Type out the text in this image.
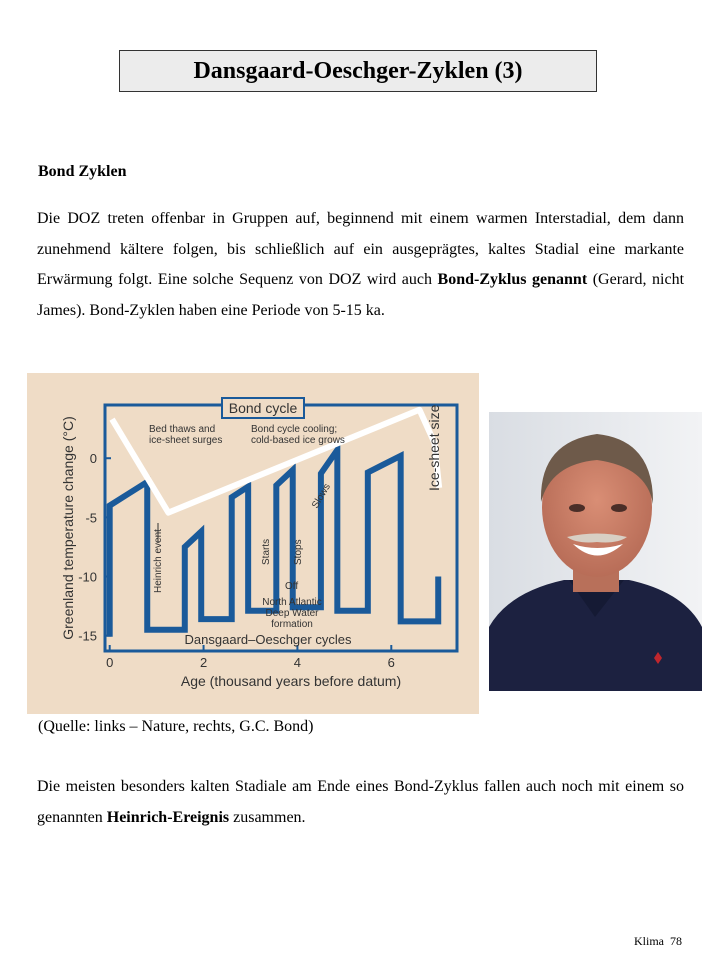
Dansgaard-Oeschger-Zyklen (3)
Bond Zyklen

Die DOZ treten offenbar in Gruppen auf, beginnend mit einem warmen Interstadial, dem dann zunehmend kältere folgen, bis schließlich auf ein ausgeprägtes, kaltes Stadial eine markante Erwärmung folgt. Eine solche Sequenz von DOZ wird auch Bond-Zyklus genannt (Gerard, nicht James). Bond-Zyklen haben eine Periode von 5-15 ka.

0	2	4	6
0
-5
-10
-15
Age (thousand years before datum)
Greenland temperature change (°C)
Bond cycle
Bed thaws and
ice-sheet surges
Bond cycle cooling;
cold-based ice grows	Ice-sheet size
Heinrich event	Starts Stops
Slows
Off
North Atlantic
Deep Water
formation
Dansgaard–Oeschger cycles
(Quelle: links – Nature, rechts, G.C. Bond)

Die meisten besonders kalten Stadiale am Ende eines Bond-Zyklus fallen auch noch mit einem so genannten Heinrich-Ereignis zusammen.

Klima 78
